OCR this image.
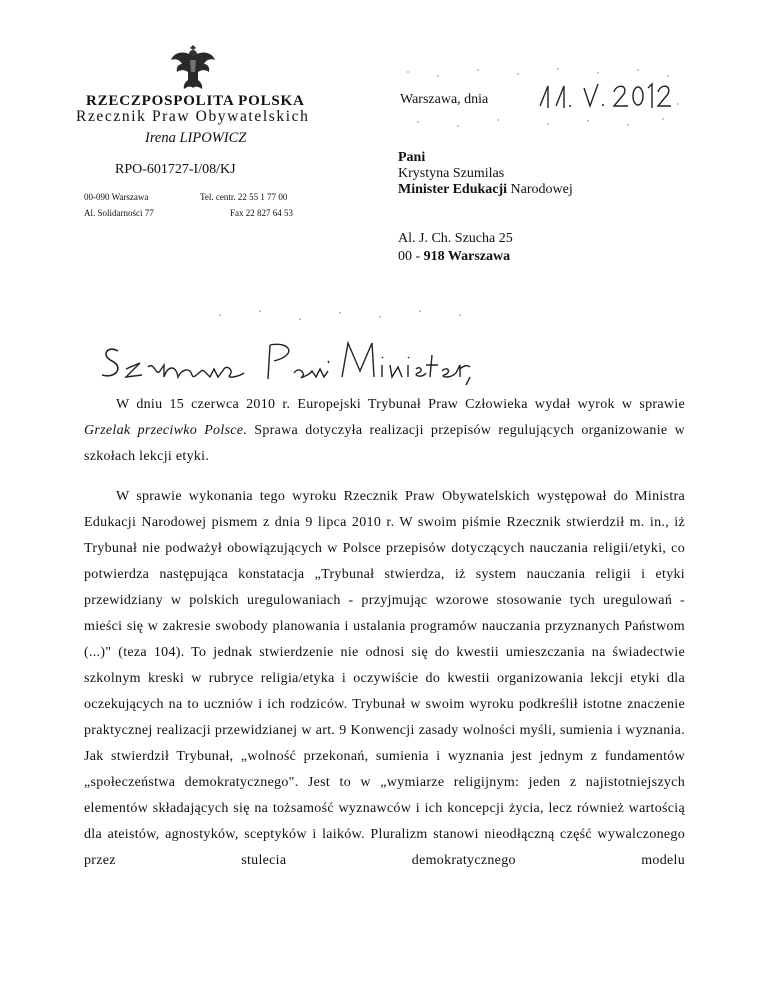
RZECZPOSPOLITA POLSKA
Rzecznik Praw Obywatelskich
Irena LIPOWICZ
RPO-601727-I/08/KJ
00-090 Warszawa
Al. Solidarności 77
Tel. centr. 22 55 1 77 00
Fax 22 827 64 53
Warszawa, dnia
Pani
Krystyna Szumilas
Minister Edukacji Narodowej
Al. J. Ch. Szucha 25
00 - 918 Warszawa

W dniu 15 czerwca 2010 r. Europejski Trybunał Praw Człowieka wydał wyrok w sprawie Grzelak przeciwko Polsce. Sprawa dotyczyła realizacji przepisów regulujących organizowanie w szkołach lekcji etyki.

W sprawie wykonania tego wyroku Rzecznik Praw Obywatelskich występował do Ministra Edukacji Narodowej pismem z dnia 9 lipca 2010 r. W swoim piśmie Rzecznik stwierdził m. in., iż Trybunał nie podważył obowiązujących w Polsce przepisów dotyczących nauczania religii/etyki, co potwierdza następująca konstatacja „Trybunał stwierdza, iż system nauczania religii i etyki przewidziany w polskich uregulowaniach - przyjmując wzorowe stosowanie tych uregulowań - mieści się w zakresie swobody planowania i ustalania programów nauczania przyznanych Państwom (...)" (teza 104). To jednak stwierdzenie nie odnosi się do kwestii umieszczania na świadectwie szkolnym kreski w rubryce religia/etyka i oczywiście do kwestii organizowania lekcji etyki dla oczekujących na to uczniów i ich rodziców. Trybunał w swoim wyroku podkreślił istotne znaczenie praktycznej realizacji przewidzianej w art. 9 Konwencji zasady wolności myśli, sumienia i wyznania. Jak stwierdził Trybunał, „wolność przekonań, sumienia i wyznania jest jednym z fundamentów „społeczeństwa demokratycznego". Jest to w „wymiarze religijnym: jeden z najistotniejszych elementów składających się na tożsamość wyznawców i ich koncepcji życia, lecz również wartością dla ateistów, agnostyków, sceptyków i laików. Pluralizm stanowi nieodłączną część wywalczonego przez stulecia demokratycznego modelu
